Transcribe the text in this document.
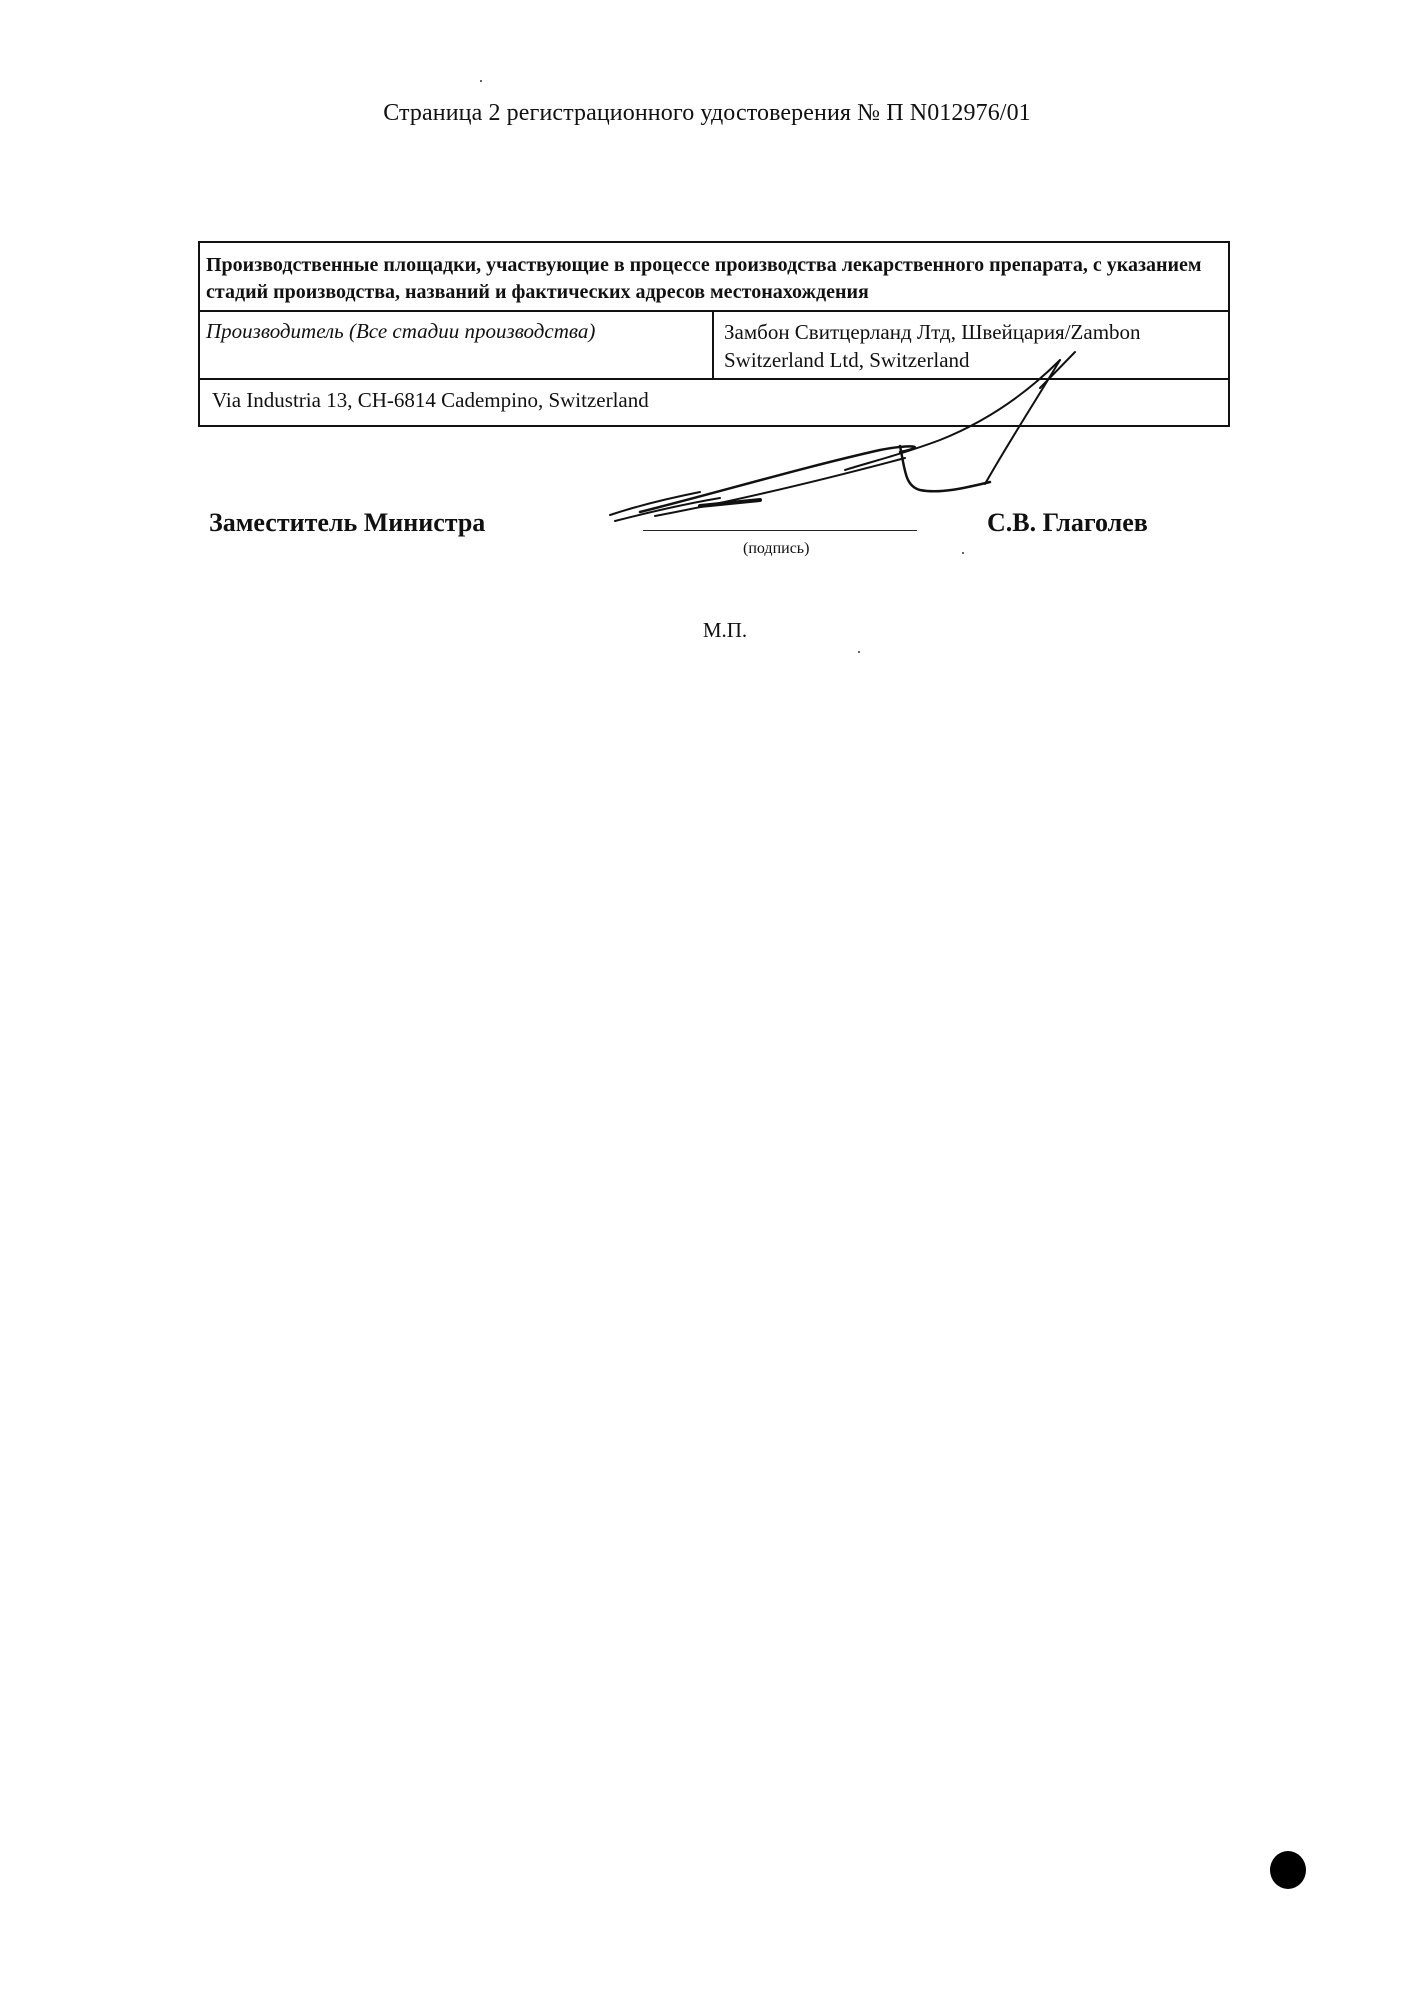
Страница 2 регистрационного удостоверения № П N012976/01
Производственные площадки, участвующие в процессе производства лекарственного препарата, с указанием стадий производства, названий и фактических адресов местонахождения
Производитель (Все стадии производства)	Замбон Свитцерланд Лтд, Швейцария/Zambon
Switzerland Ltd, Switzerland

Via Industria 13, CH-6814 Cadempino, Switzerland
Заместитель Министра
(подпись)
С.В. Глаголев
М.П.
